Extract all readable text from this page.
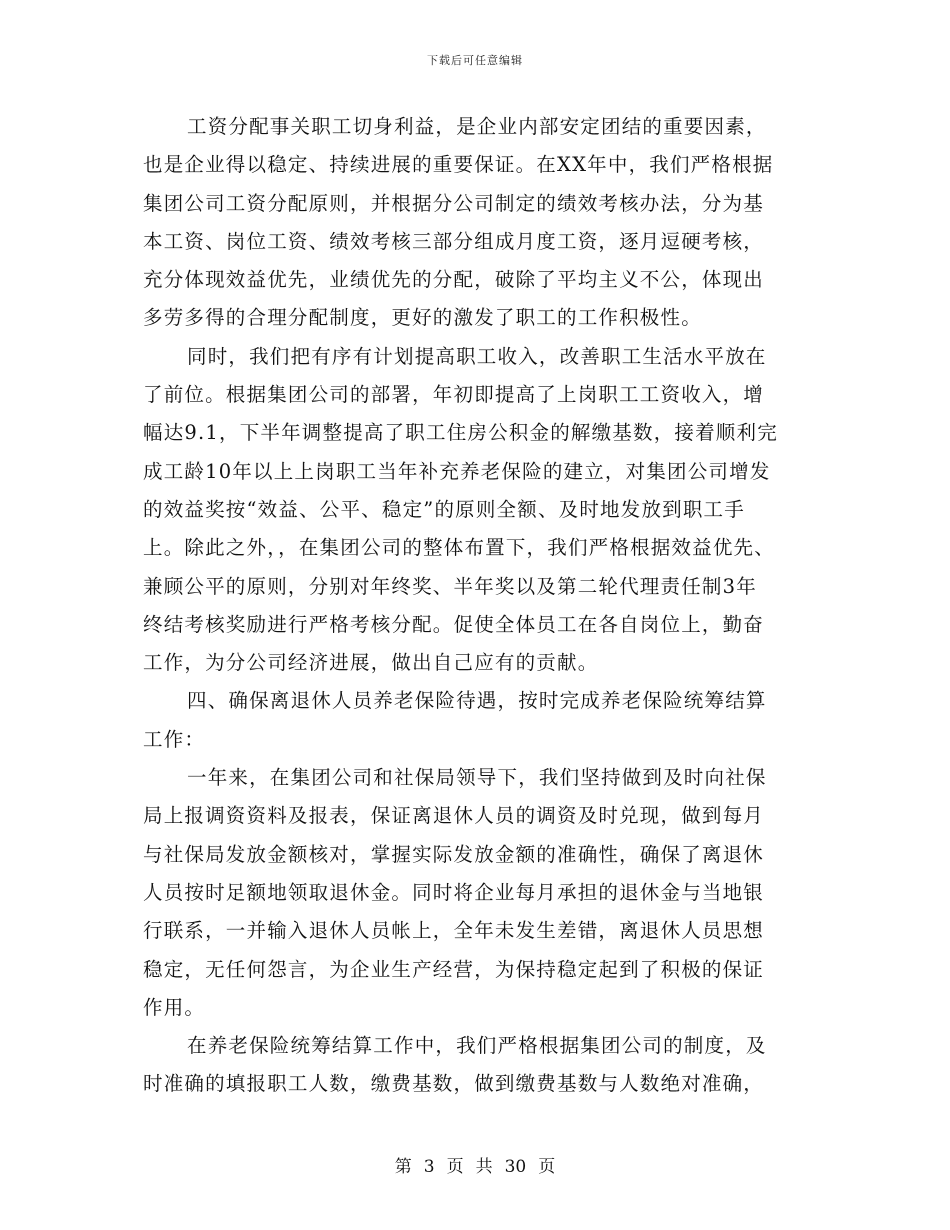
下载后可任意编辑
工资分配事关职工切身利益，是企业内部安定团结的重要因素，
也是企业得以稳定、持续进展的重要保证。在XX年中，我们严格根据
集团公司工资分配原则，并根据分公司制定的绩效考核办法，分为基
本工资、岗位工资、绩效考核三部分组成月度工资，逐月逗硬考核，
充分体现效益优先，业绩优先的分配，破除了平均主义不公，体现出
多劳多得的合理分配制度，更好的激发了职工的工作积极性。
同时，我们把有序有计划提高职工收入，改善职工生活水平放在
了前位。根据集团公司的部署，年初即提高了上岗职工工资收入，增
幅达9.1，下半年调整提高了职工住房公积金的解缴基数，接着顺利完
成工龄10年以上上岗职工当年补充养老保险的建立，对集团公司增发
的效益奖按“效益、公平、稳定”的原则全额、及时地发放到职工手
上。除此之外，，在集团公司的整体布置下，我们严格根据效益优先、
兼顾公平的原则，分别对年终奖、半年奖以及第二轮代理责任制3年
终结考核奖励进行严格考核分配。促使全体员工在各自岗位上，勤奋
工作，为分公司经济进展，做出自己应有的贡献。
四、确保离退休人员养老保险待遇，按时完成养老保险统筹结算
工作：
一年来，在集团公司和社保局领导下，我们坚持做到及时向社保
局上报调资资料及报表，保证离退休人员的调资及时兑现，做到每月
与社保局发放金额核对，掌握实际发放金额的准确性，确保了离退休
人员按时足额地领取退休金。同时将企业每月承担的退休金与当地银
行联系，一并输入退休人员帐上，全年未发生差错，离退休人员思想
稳定，无任何怨言，为企业生产经营，为保持稳定起到了积极的保证
作用。
在养老保险统筹结算工作中，我们严格根据集团公司的制度，及
时准确的填报职工人数，缴费基数，做到缴费基数与人数绝对准确，
第 3 页 共 30 页
